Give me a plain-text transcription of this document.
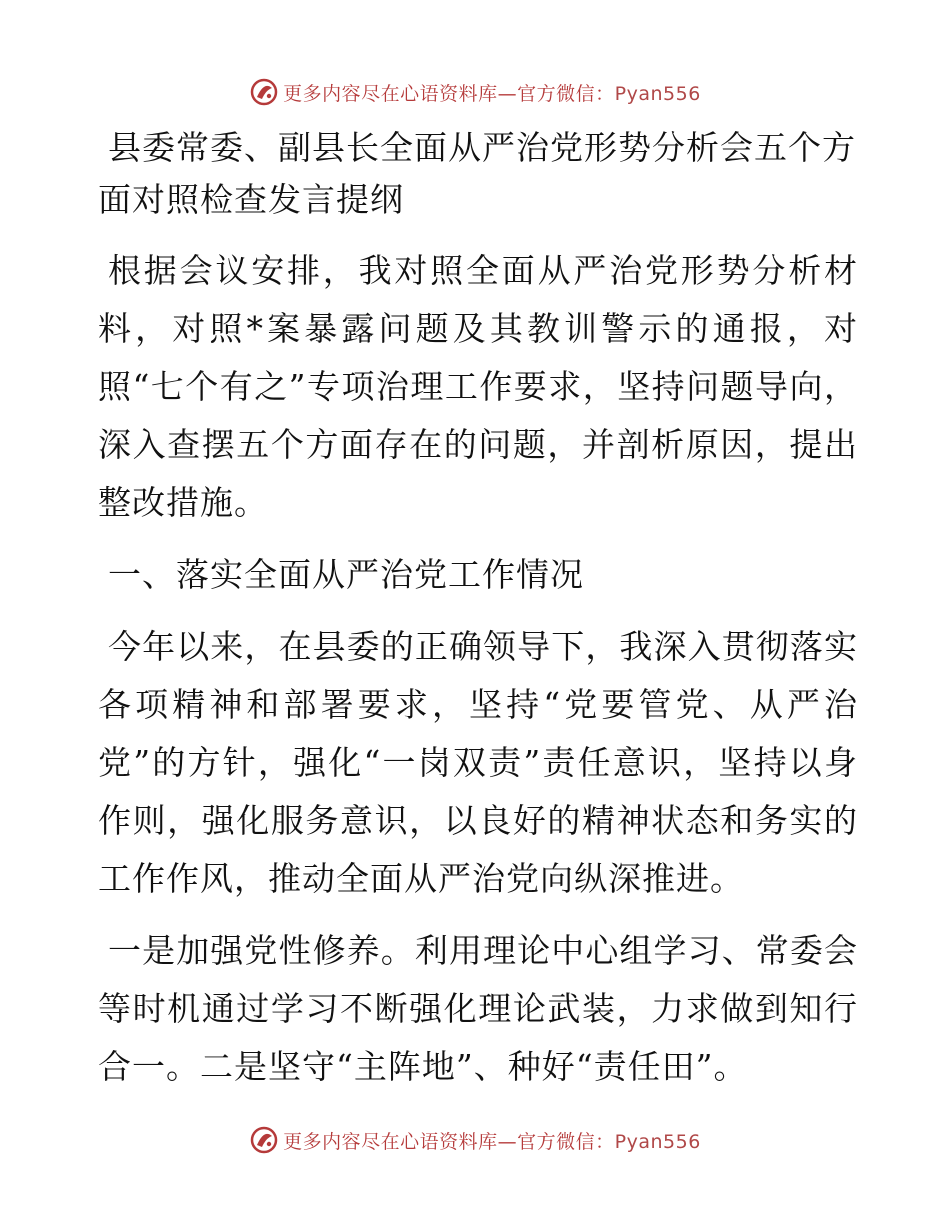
更多内容尽在心语资料库—官方微信：Pyan556
县委常委、副县长全面从严治党形势分析会五个方面对照检查发言提纲

根据会议安排，我对照全面从严治党形势分析材料，对照*案暴露问题及其教训警示的通报，对照“七个有之”专项治理工作要求，坚持问题导向，深入查摆五个方面存在的问题，并剖析原因，提出整改措施。

一、落实全面从严治党工作情况

今年以来，在县委的正确领导下，我深入贯彻落实各项精神和部署要求，坚持“党要管党、从严治党”的方针，强化“一岗双责”责任意识，坚持以身作则，强化服务意识，以良好的精神状态和务实的工作作风，推动全面从严治党向纵深推进。

一是加强党性修养。利用理论中心组学习、常委会等时机通过学习不断强化理论武装，力求做到知行合一。二是坚守“主阵地”、种好“责任田”。

更多内容尽在心语资料库—官方微信：Pyan556
